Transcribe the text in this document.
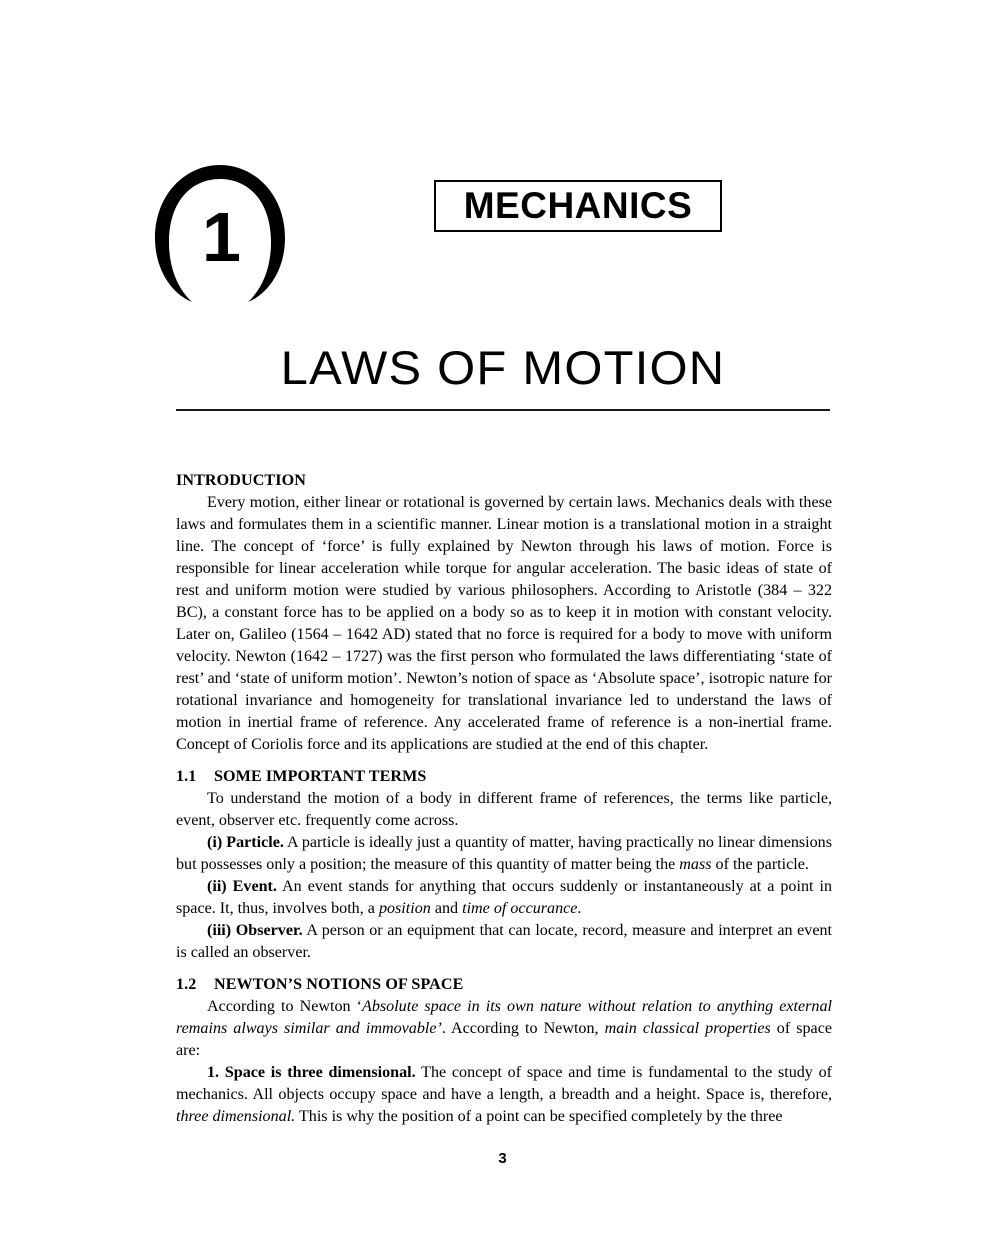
1	MECHANICS
LAWS OF MOTION
INTRODUCTION

Every motion, either linear or rotational is governed by certain laws. Mechanics deals with these laws and formulates them in a scientific manner. Linear motion is a translational motion in a straight line. The concept of ‘force’ is fully explained by Newton through his laws of motion. Force is responsible for linear acceleration while torque for angular acceleration. The basic ideas of state of rest and uniform motion were studied by various philosophers. According to Aristotle (384 – 322 BC), a constant force has to be applied on a body so as to keep it in motion with constant velocity. Later on, Galileo (1564 – 1642 AD) stated that no force is required for a body to move with uniform velocity. Newton (1642 – 1727) was the first person who formulated the laws differentiating ‘state of rest’ and ‘state of uniform motion’. Newton’s notion of space as ‘Absolute space’, isotropic nature for rotational invariance and homogeneity for translational invariance led to understand the laws of motion in inertial frame of reference. Any accelerated frame of reference is a non-inertial frame. Concept of Coriolis force and its applications are studied at the end of this chapter.

1.1 SOME IMPORTANT TERMS

To understand the motion of a body in different frame of references, the terms like particle, event, observer etc. frequently come across.

(i) Particle. A particle is ideally just a quantity of matter, having practically no linear dimensions but possesses only a position; the measure of this quantity of matter being the mass of the particle.

(ii) Event. An event stands for anything that occurs suddenly or instantaneously at a point in space. It, thus, involves both, a position and time of occurance.

(iii) Observer. A person or an equipment that can locate, record, measure and interpret an event is called an observer.

1.2 NEWTON’S NOTIONS OF SPACE

According to Newton ‘Absolute space in its own nature without relation to anything external remains always similar and immovable’. According to Newton, main classical properties of space are:

1. Space is three dimensional. The concept of space and time is fundamental to the study of mechanics. All objects occupy space and have a length, a breadth and a height. Space is, therefore, three dimensional. This is why the position of a point can be specified completely by the three

3
